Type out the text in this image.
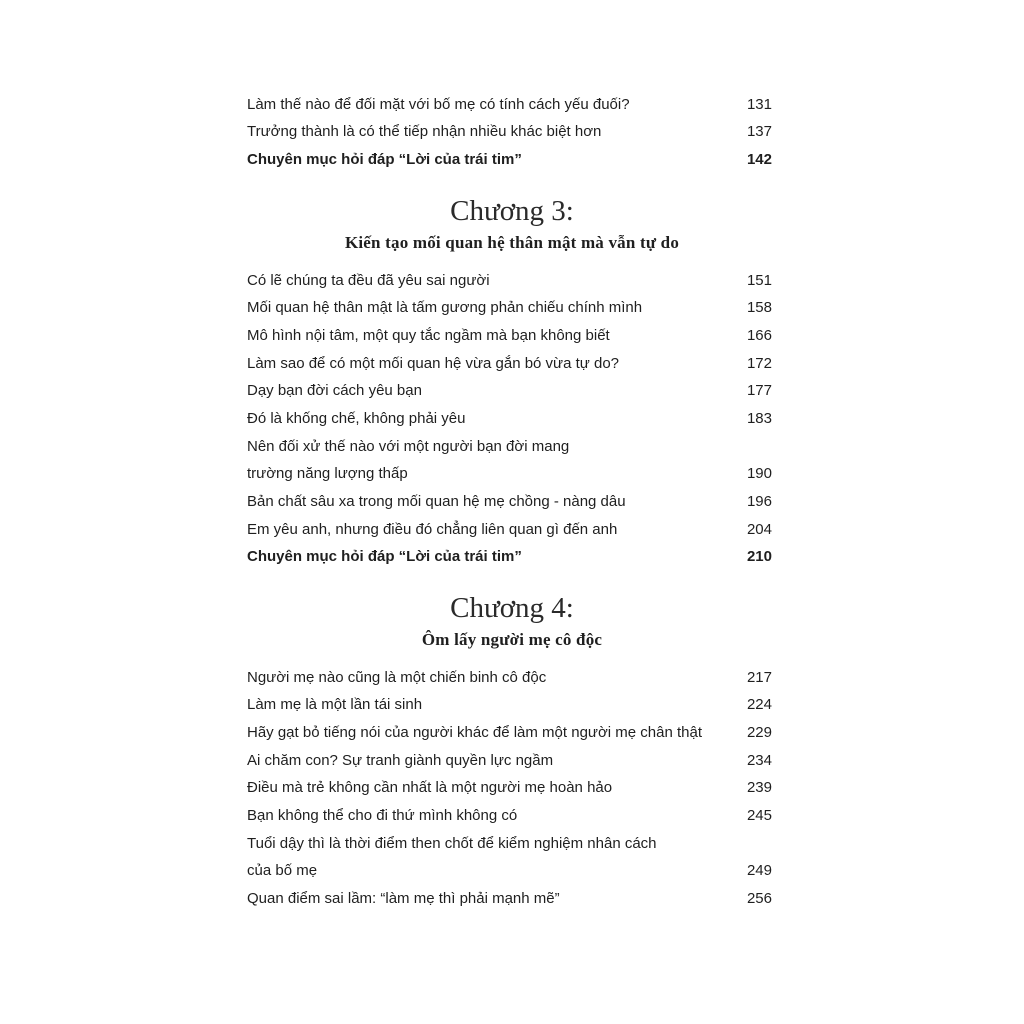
Làm thế nào để đối mặt với bố mẹ có tính cách yếu đuối?	131
Trưởng thành là có thể tiếp nhận nhiều khác biệt hơn	137
Chuyên mục hỏi đáp “Lời của trái tim”	142
Chương 3:
Kiến tạo mối quan hệ thân mật mà vẫn tự do
Có lẽ chúng ta đều đã yêu sai người	151
Mối quan hệ thân mật là tấm gương phản chiếu chính mình	158
Mô hình nội tâm, một quy tắc ngầm mà bạn không biết	166
Làm sao để có một mối quan hệ vừa gắn bó vừa tự do?	172
Dạy bạn đời cách yêu bạn	177
Đó là khống chế, không phải yêu	183
Nên đối xử thế nào với một người bạn đời mang
trường năng lượng thấp	190
Bản chất sâu xa trong mối quan hệ mẹ chồng - nàng dâu	196
Em yêu anh, nhưng điều đó chẳng liên quan gì đến anh	204
Chuyên mục hỏi đáp “Lời của trái tim”	210
Chương 4:
Ôm lấy người mẹ cô độc
Người mẹ nào cũng là một chiến binh cô độc	217
Làm mẹ là một lần tái sinh	224
Hãy gạt bỏ tiếng nói của người khác để làm một người mẹ chân thật	229
Ai chăm con? Sự tranh giành quyền lực ngầm	234
Điều mà trẻ không cần nhất là một người mẹ hoàn hảo	239
Bạn không thể cho đi thứ mình không có	245
Tuổi dậy thì là thời điểm then chốt để kiểm nghiệm nhân cách
của bố mẹ	249
Quan điểm sai lầm: “làm mẹ thì phải mạnh mẽ”	256
